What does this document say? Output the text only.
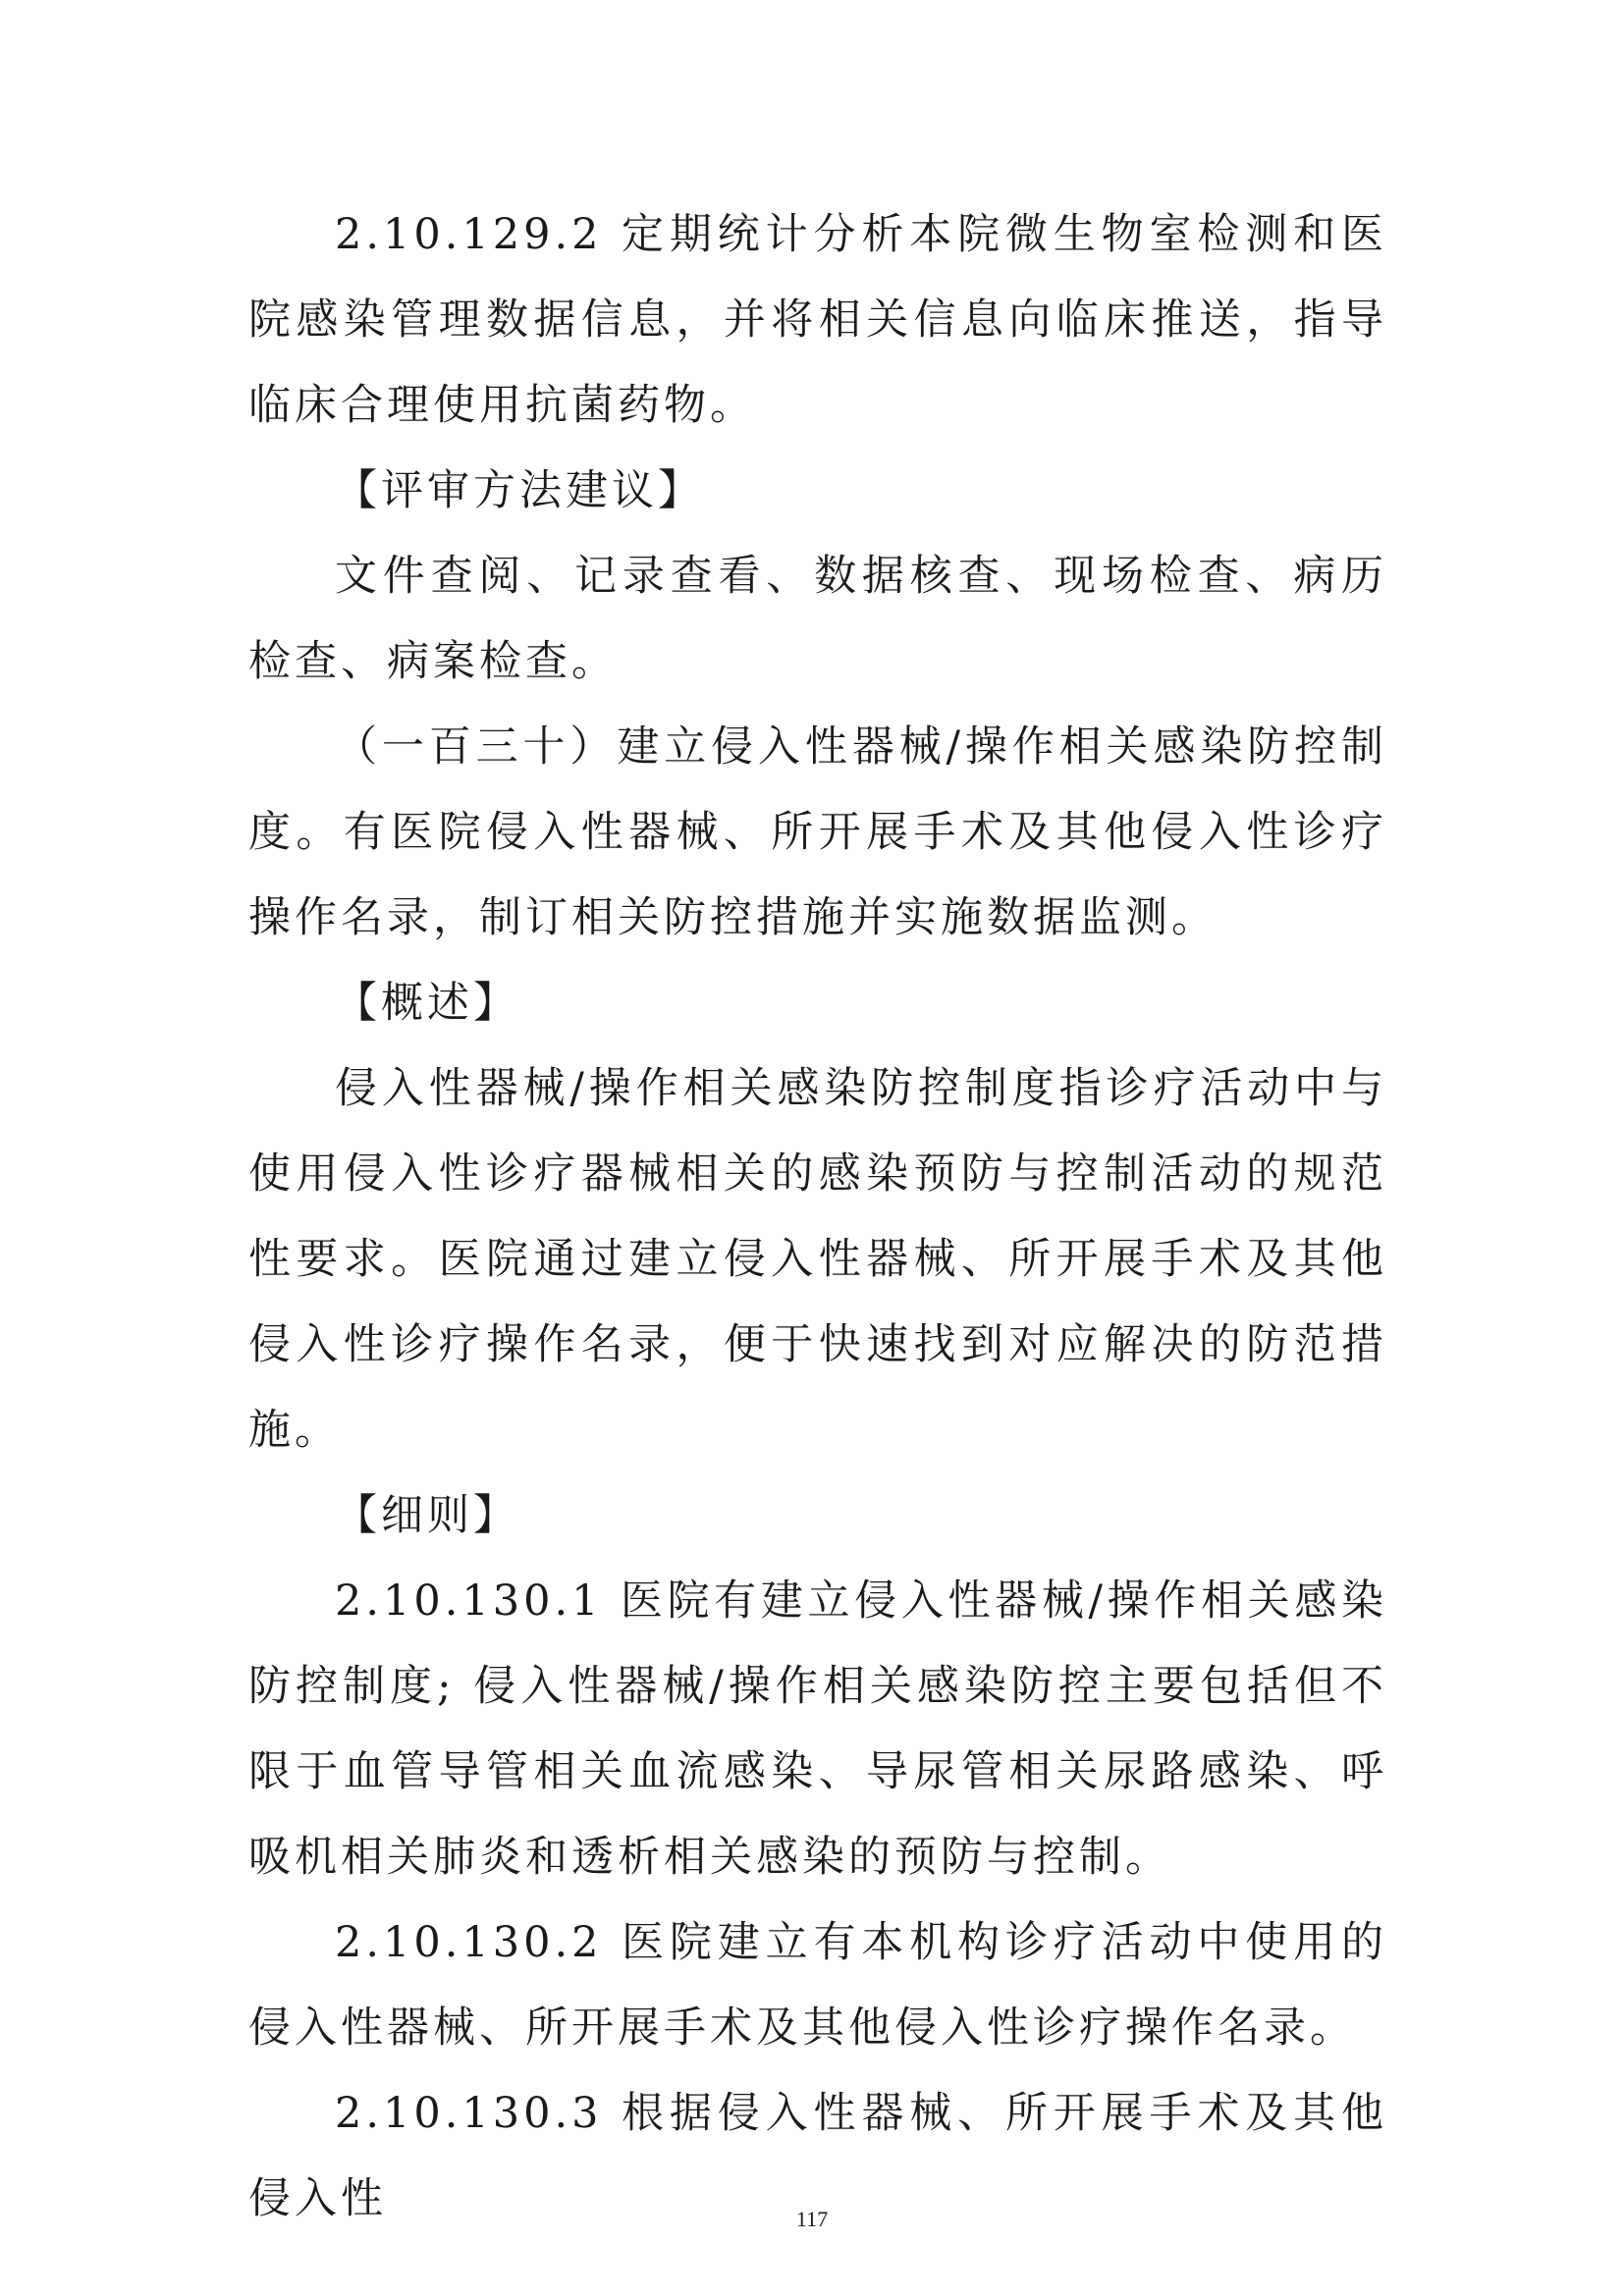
2.10.129.2 定期统计分析本院微生物室检测和医院感染管理数据信息，并将相关信息向临床推送，指导临床合理使用抗菌药物。

【评审方法建议】

文件查阅、记录查看、数据核查、现场检查、病历检查、病案检查。

（一百三十）建立侵入性器械/操作相关感染防控制度。有医院侵入性器械、所开展手术及其他侵入性诊疗操作名录，制订相关防控措施并实施数据监测。

【概述】

侵入性器械/操作相关感染防控制度指诊疗活动中与使用侵入性诊疗器械相关的感染预防与控制活动的规范性要求。医院通过建立侵入性器械、所开展手术及其他侵入性诊疗操作名录，便于快速找到对应解决的防范措施。

【细则】

2.10.130.1 医院有建立侵入性器械/操作相关感染防控制度; 侵入性器械/操作相关感染防控主要包括但不限于血管导管相关血流感染、导尿管相关尿路感染、呼吸机相关肺炎和透析相关感染的预防与控制。

2.10.130.2 医院建立有本机构诊疗活动中使用的侵入性器械、所开展手术及其他侵入性诊疗操作名录。

2.10.130.3 根据侵入性器械、所开展手术及其他侵入性	117
